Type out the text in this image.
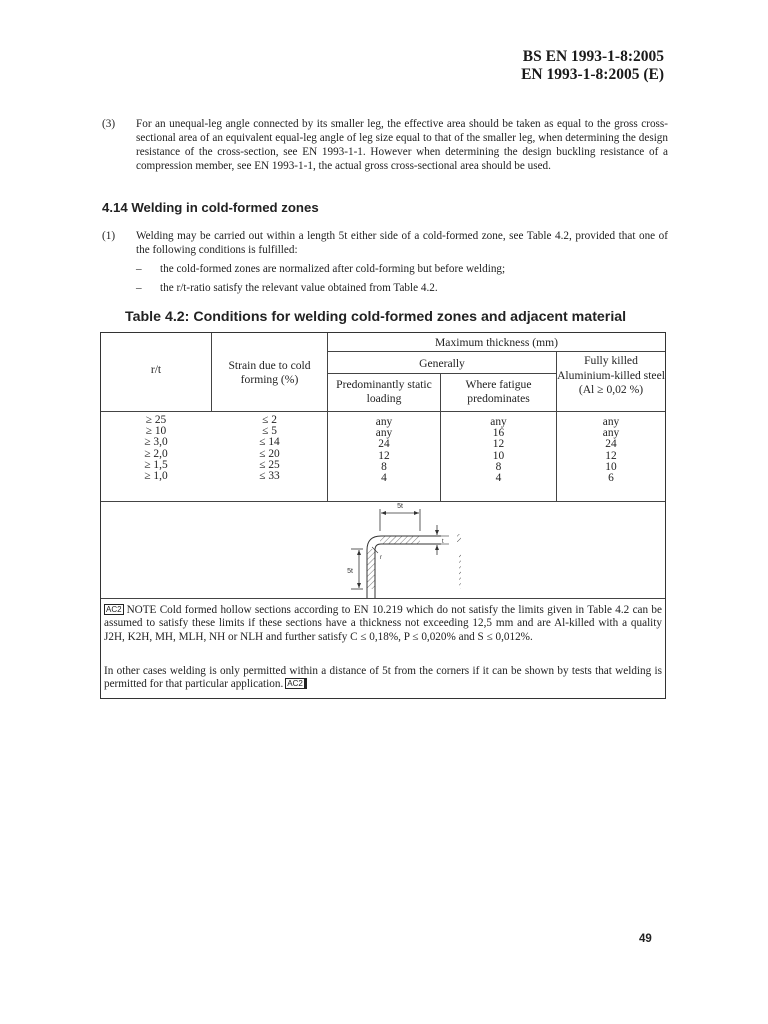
BS EN 1993-1-8:2005
EN 1993-1-8:2005 (E)
(3) For an unequal-leg angle connected by its smaller leg, the effective area should be taken as equal to the gross cross-sectional area of an equivalent equal-leg angle of leg size equal to that of the smaller leg, when determining the design resistance of the cross-section, see EN 1993-1-1. However when determining the design buckling resistance of a compression member, see EN 1993-1-1, the actual gross cross-sectional area should be used.
4.14 Welding in cold-formed zones
(1) Welding may be carried out within a length 5t either side of a cold-formed zone, see Table 4.2, provided that one of the following conditions is fulfilled:
– the cold-formed zones are normalized after cold-forming but before welding;
– the r/t-ratio satisfy the relevant value obtained from Table 4.2.
Table 4.2: Conditions for welding cold-formed zones and adjacent material
r/t	Strain due to cold forming (%)
Maximum thickness (mm)
Generally	Fully killed Aluminium-killed steel
(Al ≥ 0,02 %)
Predominantly static loading
Where fatigue predominates
≥ 25
≥ 10
≥ 3,0
≥ 2,0
≥ 1,5
≥ 1,0
≤ 2
≤ 5
≤ 14
≤ 20
≤ 25
≤ 33
any
any
24
12
8
4
any
16
12
10
8
4
any
any
24
12
10
6
5t
5t
r
t
AC2 NOTE Cold formed hollow sections according to EN 10.219 which do not satisfy the limits given in Table 4.2 can be assumed to satisfy these limits if these sections have a thickness not exceeding 12,5 mm and are Al-killed with a quality J2H, K2H, MH, MLH, NH or NLH and further satisfy C ≤ 0,18%, P ≤ 0,020% and S ≤ 0,012%.
In other cases welding is only permitted within a distance of 5t from the corners if it can be shown by tests that welding is permitted for that particular application. AC2
49
